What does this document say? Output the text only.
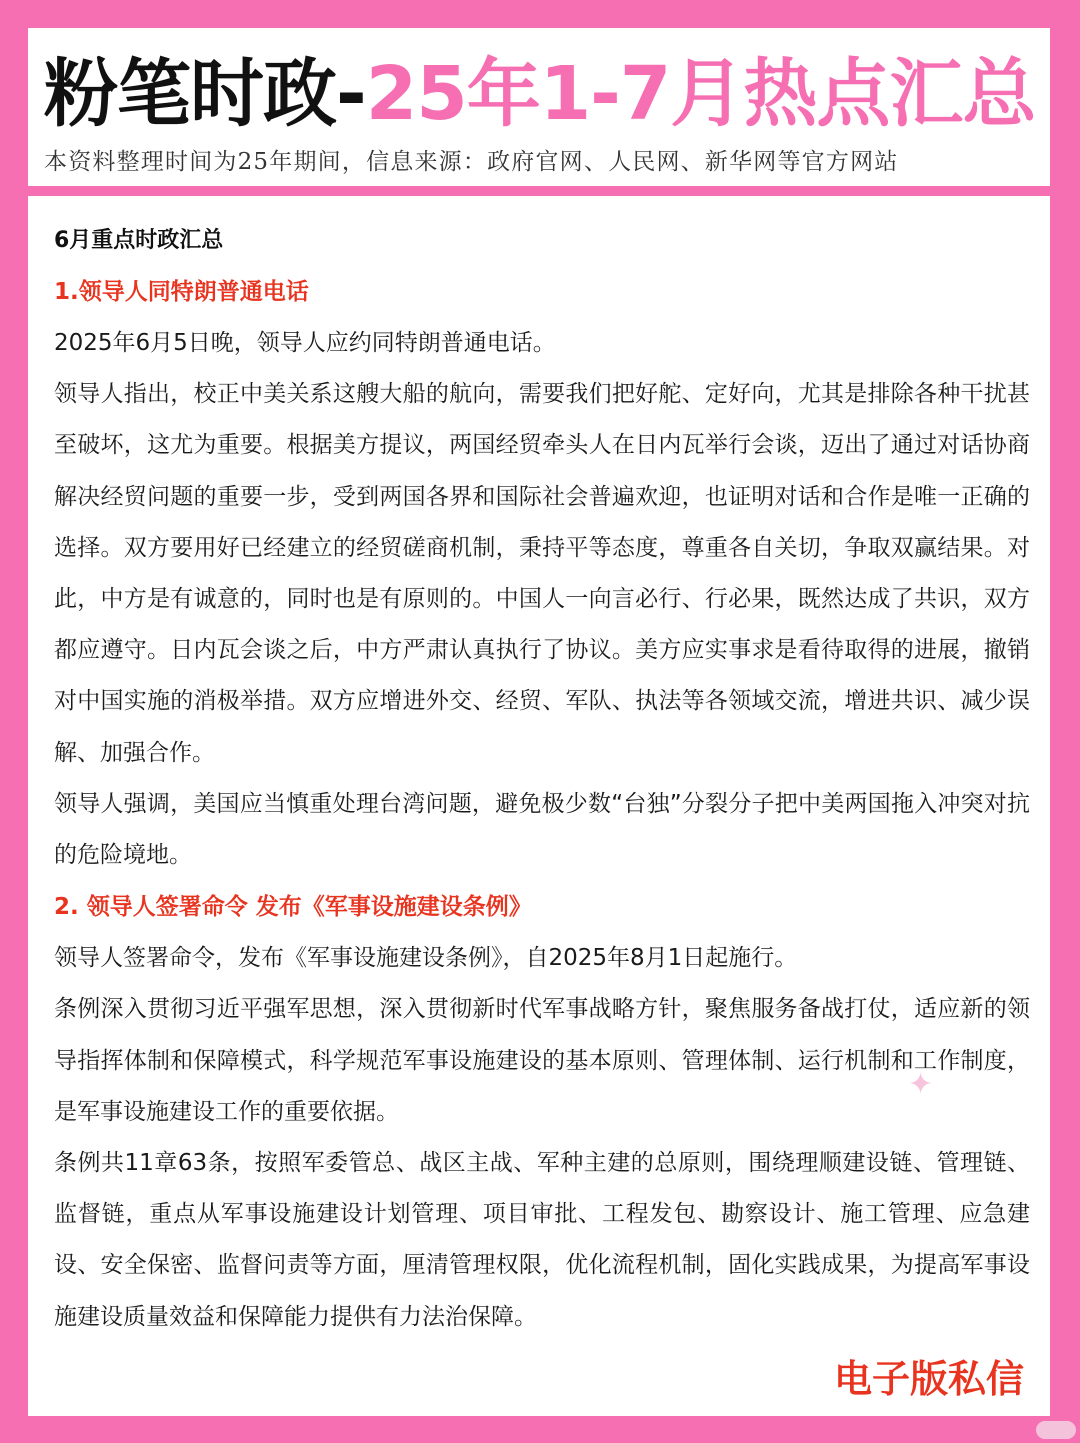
粉笔时政-25年1-7月热点汇总
本资料整理时间为25年期间，信息来源：政府官网、人民网、新华网等官方网站
6月重点时政汇总
1.领导人同特朗普通电话

2025年6月5日晚，领导人应约同特朗普通电话。

领导人指出，校正中美关系这艘大船的航向，需要我们把好舵、定好向，尤其是排除各种干扰甚至破坏，这尤为重要。根据美方提议，两国经贸牵头人在日内瓦举行会谈，迈出了通过对话协商解决经贸问题的重要一步，受到两国各界和国际社会普遍欢迎，也证明对话和合作是唯一正确的选择。双方要用好已经建立的经贸磋商机制，秉持平等态度，尊重各自关切，争取双赢结果。对此，中方是有诚意的，同时也是有原则的。中国人一向言必行、行必果，既然达成了共识，双方都应遵守。日内瓦会谈之后，中方严肃认真执行了协议。美方应实事求是看待取得的进展，撤销对中国实施的消极举措。双方应增进外交、经贸、军队、执法等各领域交流，增进共识、减少误解、加强合作。

领导人强调，美国应当慎重处理台湾问题，避免极少数“台独”分裂分子把中美两国拖入冲突对抗的危险境地。

2. 领导人签署命令 发布《军事设施建设条例》

领导人签署命令，发布《军事设施建设条例》，自2025年8月1日起施行。

条例深入贯彻习近平强军思想，深入贯彻新时代军事战略方针，聚焦服务备战打仗，适应新的领导指挥体制和保障模式，科学规范军事设施建设的基本原则、管理体制、运行机制和工作制度，是军事设施建设工作的重要依据。

条例共11章63条，按照军委管总、战区主战、军种主建的总原则，围绕理顺建设链、管理链、监督链，重点从军事设施建设计划管理、项目审批、工程发包、勘察设计、施工管理、应急建设、安全保密、监督问责等方面，厘清管理权限，优化流程机制，固化实践成果，为提高军事设施建设质量效益和保障能力提供有力法治保障。

✦
电子版私信
